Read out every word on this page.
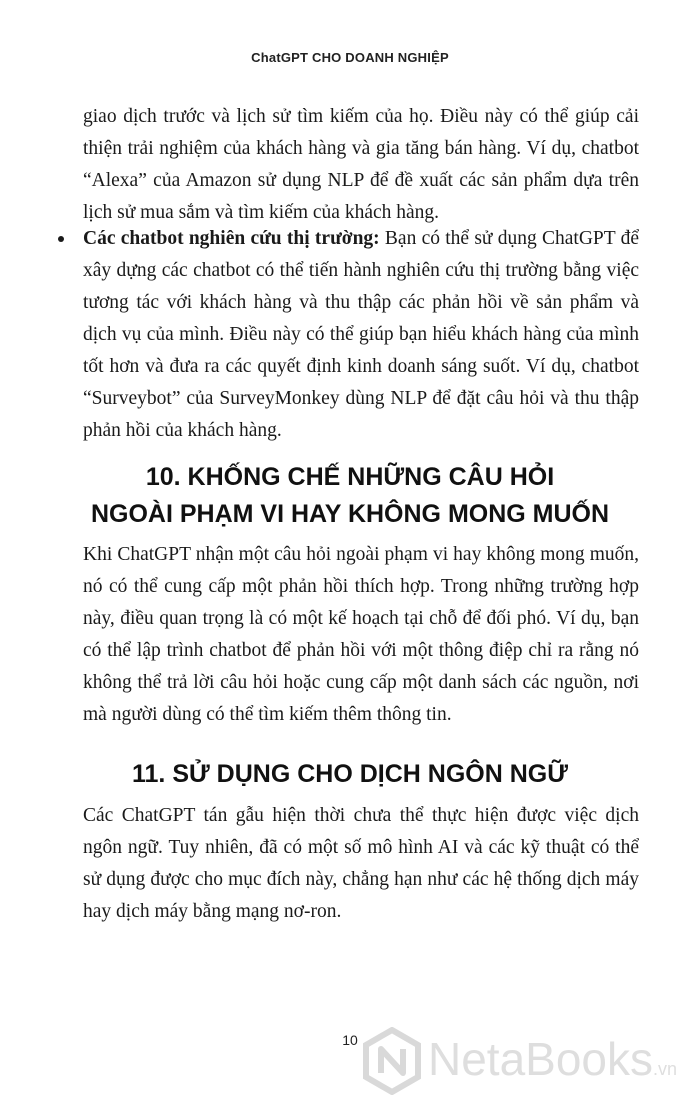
ChatGPT CHO DOANH NGHIỆP

giao dịch trước và lịch sử tìm kiếm của họ. Điều này có thể giúp cải thiện trải nghiệm của khách hàng và gia tăng bán hàng. Ví dụ, chatbot “Alexa” của Amazon sử dụng NLP để đề xuất các sản phẩm dựa trên lịch sử mua sắm và tìm kiếm của khách hàng.

Các chatbot nghiên cứu thị trường: Bạn có thể sử dụng ChatGPT để xây dựng các chatbot có thể tiến hành nghiên cứu thị trường bằng việc tương tác với khách hàng và thu thập các phản hồi về sản phẩm và dịch vụ của mình. Điều này có thể giúp bạn hiểu khách hàng của mình tốt hơn và đưa ra các quyết định kinh doanh sáng suốt. Ví dụ, chatbot “Surveybot” của SurveyMonkey dùng NLP để đặt câu hỏi và thu thập phản hồi của khách hàng.

10. KHỐNG CHẾ NHỮNG CÂU HỎI
NGOÀI PHẠM VI HAY KHÔNG MONG MUỐN

Khi ChatGPT nhận một câu hỏi ngoài phạm vi hay không mong muốn, nó có thể cung cấp một phản hồi thích hợp. Trong những trường hợp này, điều quan trọng là có một kế hoạch tại chỗ để đối phó. Ví dụ, bạn có thể lập trình chatbot để phản hồi với một thông điệp chỉ ra rằng nó không thể trả lời câu hỏi hoặc cung cấp một danh sách các nguồn, nơi mà người dùng có thể tìm kiếm thêm thông tin.

11. SỬ DỤNG CHO DỊCH NGÔN NGỮ

Các ChatGPT tán gẫu hiện thời chưa thể thực hiện được việc dịch ngôn ngữ. Tuy nhiên, đã có một số mô hình AI và các kỹ thuật có thể sử dụng được cho mục đích này, chẳng hạn như các hệ thống dịch máy hay dịch máy bằng mạng nơ-ron.

10	NetaBooks.vn
